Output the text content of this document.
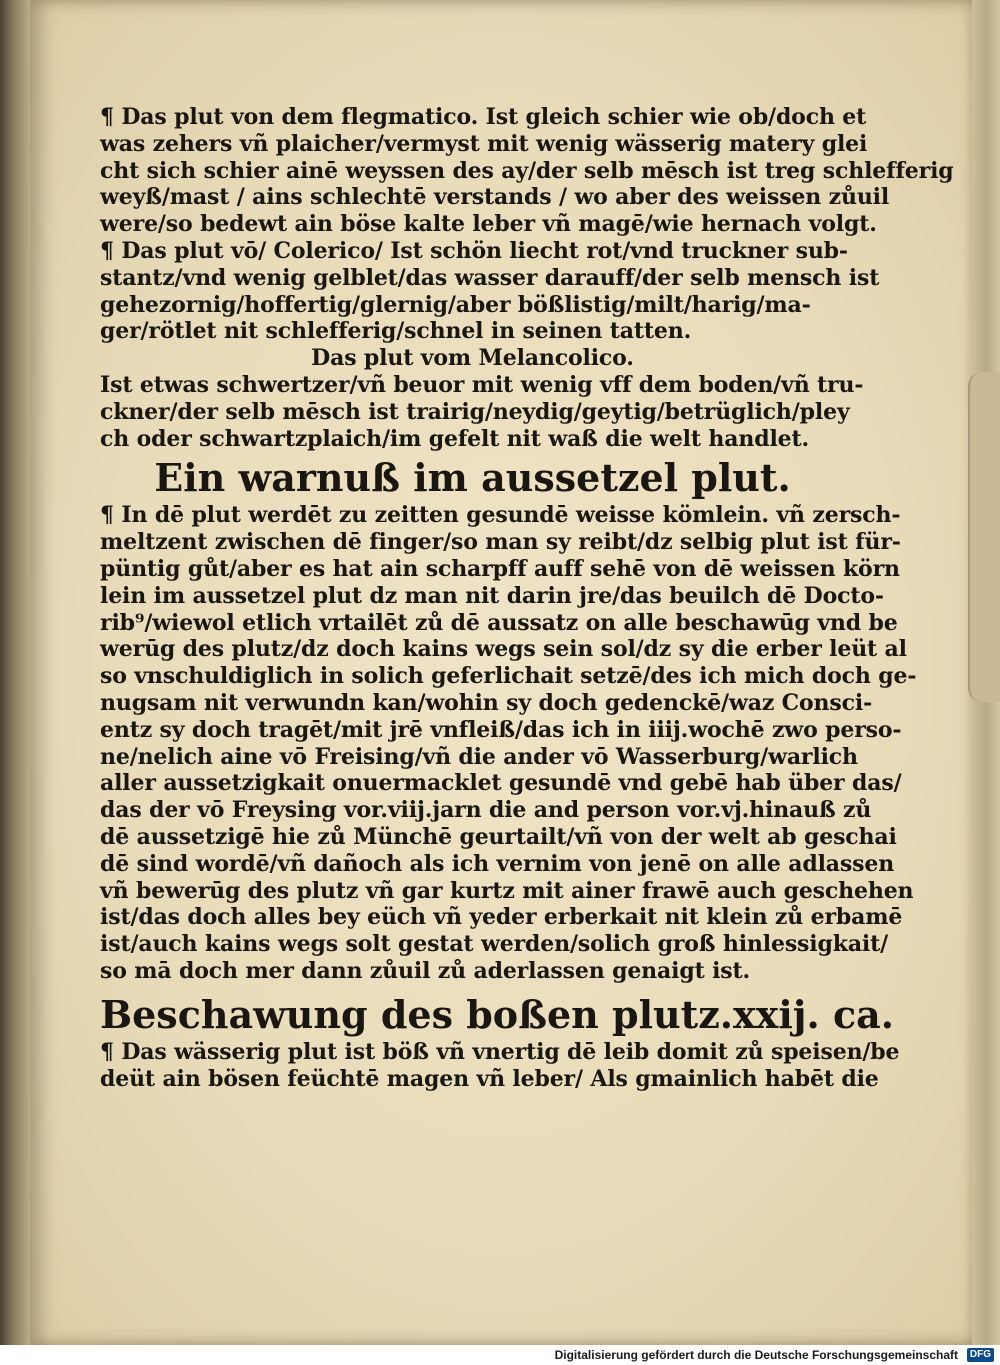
¶ Das plut von dem flegmatico. Ist gleich schier wie ob/doch et
was zehers vñ plaicher/vermyst mit wenig wässerig matery glei
cht sich schier ainē weyssen des ay/der selb mēsch ist treg schlefferig
weyß/mast / ains schlechtē verstands / wo aber des weissen zůuil
were/so bedewt ain böse kalte leber vñ magē/wie hernach volgt.
¶ Das plut vō/ Colerico/ Ist schön liecht rot/vnd truckner sub-
stantz/vnd wenig gelblet/das wasser darauff/der selb mensch ist
gehezornig/hoffertig/glernig/aber bößlistig/milt/harig/ma-
ger/rötlet nit schlefferig/schnel in seinen tatten.
Das plut vom Melancolico.
Ist etwas schwertzer/vñ beuor mit wenig vff dem boden/vñ tru-
ckner/der selb mēsch ist trairig/neydig/geytig/betrüglich/pley
ch oder schwartzplaich/im gefelt nit waß die welt handlet.
Ein warnuß im aussetzel plut.
¶ In dē plut werdēt zu zeitten gesundē weisse kömlein. vñ zersch-
meltzent zwischen dē finger/so man sy reibt/dz selbig plut ist für-
püntig gůt/aber es hat ain scharpff auff sehē von dē weissen körn
lein im aussetzel plut dz man nit darin jre/das beuilch dē Docto-
rib⁹/wiewol etlich vrtailēt zů dē aussatz on alle beschawūg vnd be
werūg des plutz/dz doch kains wegs sein sol/dz sy die erber leüt al
so vnschuldiglich in solich geferlichait setzē/des ich mich doch ge-
nugsam nit verwundn kan/wohin sy doch gedenckē/waz Consci-
entz sy doch tragēt/mit jrē vnfleiß/das ich in iiij.wochē zwo perso-
ne/nelich aine vō Freising/vñ die ander vō Wasserburg/warlich
aller aussetzigkait onuermacklet gesundē vnd gebē hab über das/
das der vō Freysing vor.viij.jarn die and person vor.vj.hinauß zů
dē aussetzigē hie zů Münchē geurtailt/vñ von der welt ab geschai
dē sind wordē/vñ dañoch als ich vernim von jenē on alle adlassen
vñ bewerūg des plutz vñ gar kurtz mit ainer frawē auch geschehen
ist/das doch alles bey eüch vñ yeder erberkait nit klein zů erbamē
ist/auch kains wegs solt gestat werden/solich groß hinlessigkait/
so mā doch mer dann zůuil zů aderlassen genaigt ist.
Beschawung des boßen plutz.xxij. ca.
¶ Das wässerig plut ist böß vñ vnertig dē leib domit zů speisen/be
deüt ain bösen feüchtē magen vñ leber/ Als gmainlich habēt die
Digitalisierung gefördert durch die Deutsche Forschungsgemeinschaft	DFG
